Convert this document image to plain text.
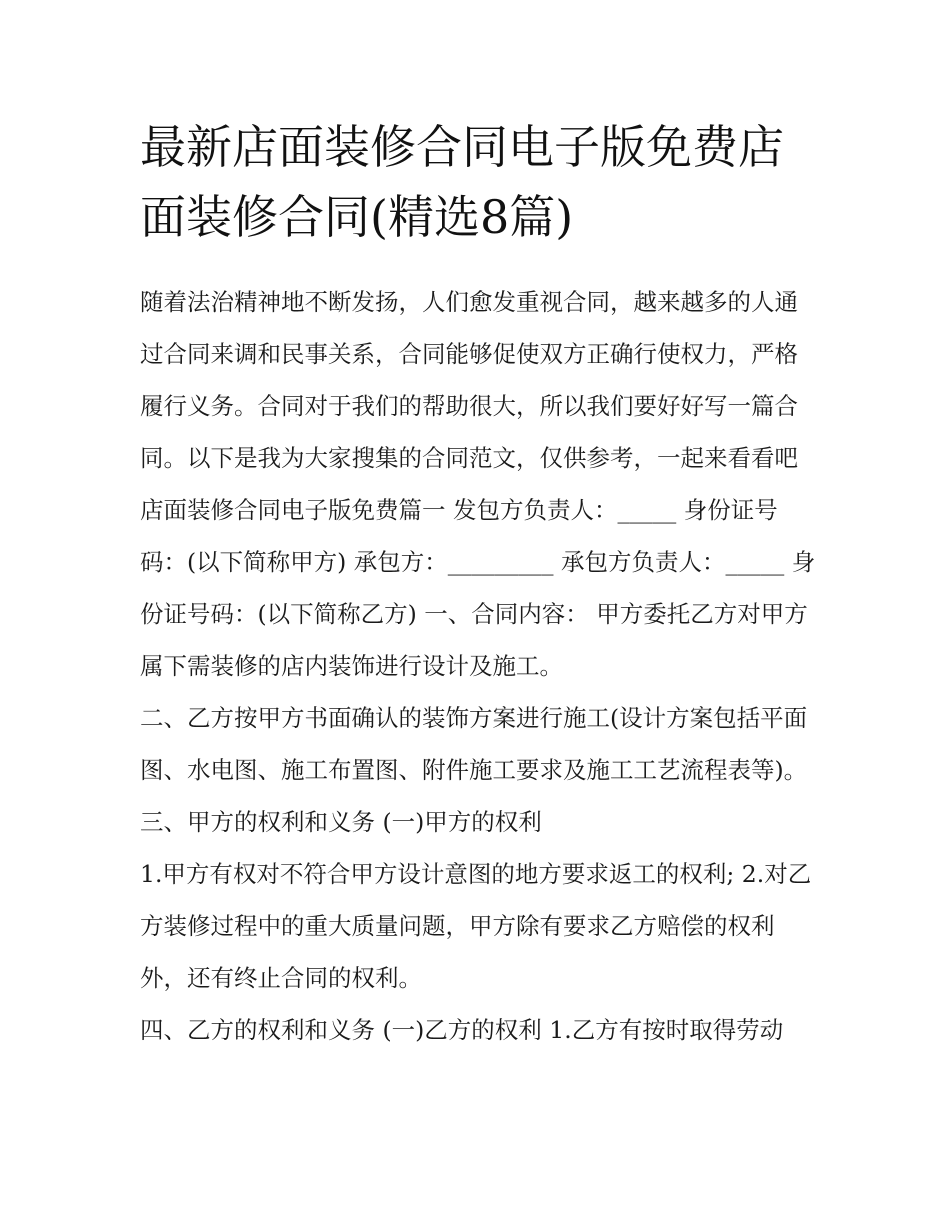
最新店面装修合同电子版免费店面装修合同(精选8篇)

随着法治精神地不断发扬，人们愈发重视合同，越来越多的人通过合同来调和民事关系，合同能够促使双方正确行使权力，严格履行义务。合同对于我们的帮助很大，所以我们要好好写一篇合同。以下是我为大家搜集的合同范文，仅供参考，一起来看看吧

店面装修合同电子版免费篇一 发包方负责人：_____ 身份证号码：(以下简称甲方) 承包方：_________ 承包方负责人：_____ 身份证号码：(以下简称乙方) 一、合同内容： 甲方委托乙方对甲方属下需装修的店内装饰进行设计及施工。

二、乙方按甲方书面确认的装饰方案进行施工(设计方案包括平面图、水电图、施工布置图、附件施工要求及施工工艺流程表等)。 三、甲方的权利和义务 (一)甲方的权利

1.甲方有权对不符合甲方设计意图的地方要求返工的权利; 2.对乙方装修过程中的重大质量问题，甲方除有要求乙方赔偿的权利外，还有终止合同的权利。

四、乙方的权利和义务 (一)乙方的权利 1.乙方有按时取得劳动
